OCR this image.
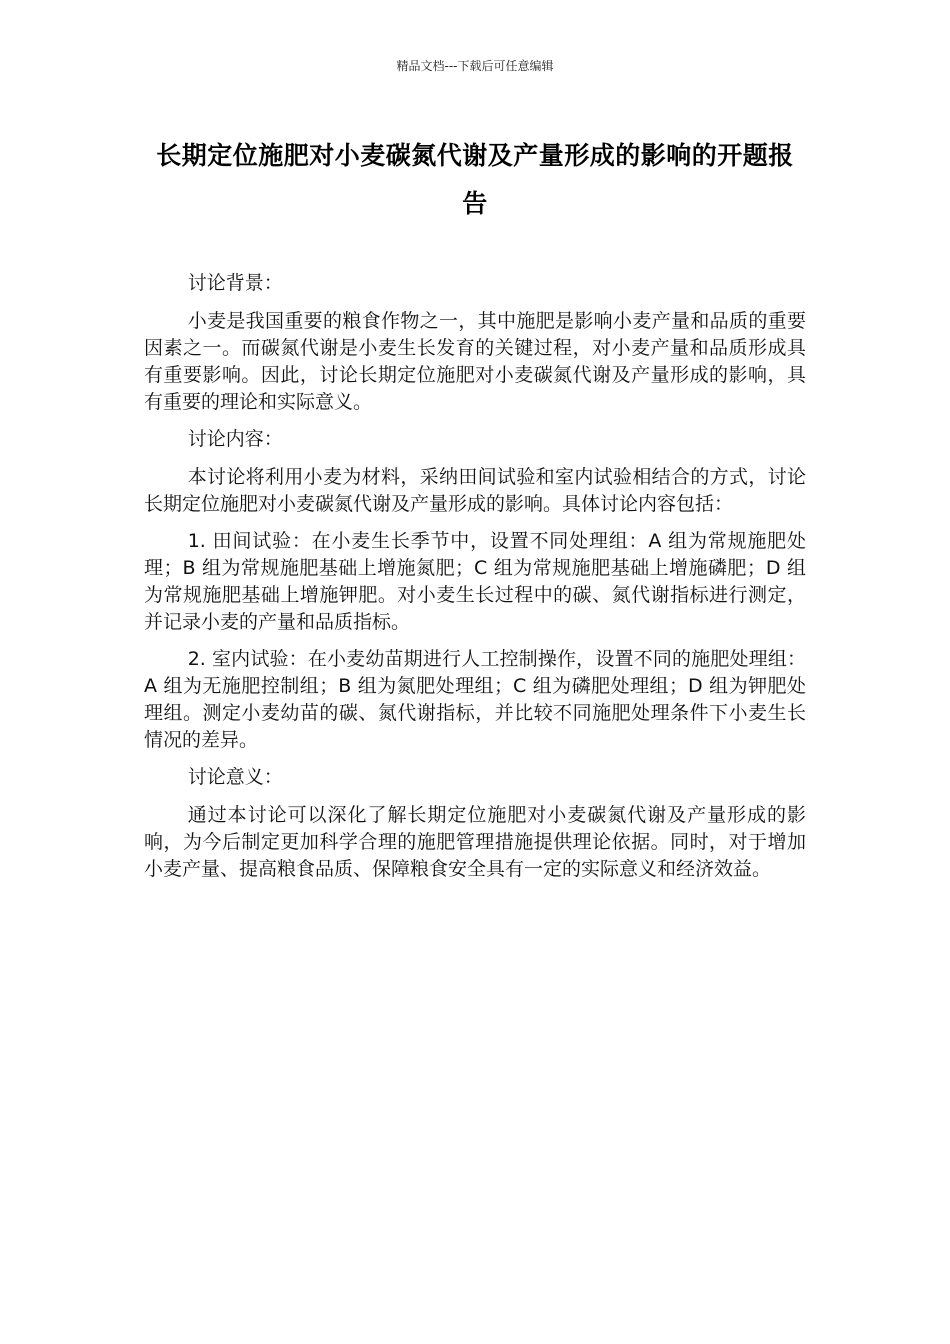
精品文档---下载后可任意编辑
长期定位施肥对小麦碳氮代谢及产量形成的影响的开题报告

讨论背景：

小麦是我国重要的粮食作物之一，其中施肥是影响小麦产量和品质的重要因素之一。而碳氮代谢是小麦生长发育的关键过程，对小麦产量和品质形成具有重要影响。因此，讨论长期定位施肥对小麦碳氮代谢及产量形成的影响，具有重要的理论和实际意义。

讨论内容：

本讨论将利用小麦为材料，采纳田间试验和室内试验相结合的方式，讨论长期定位施肥对小麦碳氮代谢及产量形成的影响。具体讨论内容包括：

1. 田间试验：在小麦生长季节中，设置不同处理组：A 组为常规施肥处理；B 组为常规施肥基础上增施氮肥；C 组为常规施肥基础上增施磷肥；D 组为常规施肥基础上增施钾肥。对小麦生长过程中的碳、氮代谢指标进行测定，并记录小麦的产量和品质指标。

2. 室内试验：在小麦幼苗期进行人工控制操作，设置不同的施肥处理组：A 组为无施肥控制组；B 组为氮肥处理组；C 组为磷肥处理组；D 组为钾肥处理组。测定小麦幼苗的碳、氮代谢指标，并比较不同施肥处理条件下小麦生长情况的差异。

讨论意义：

通过本讨论可以深化了解长期定位施肥对小麦碳氮代谢及产量形成的影响，为今后制定更加科学合理的施肥管理措施提供理论依据。同时，对于增加小麦产量、提高粮食品质、保障粮食安全具有一定的实际意义和经济效益。
